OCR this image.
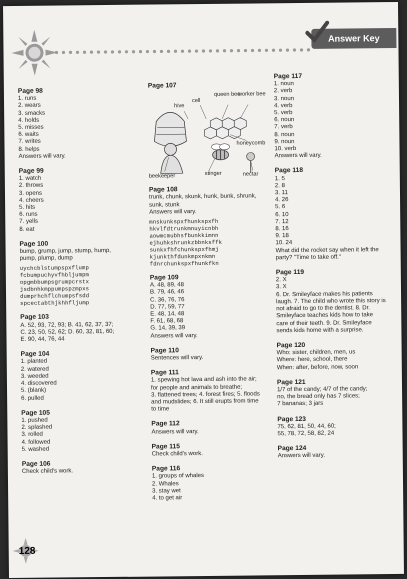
Answer Key
Page 98
1. runs
2. wears
3. smacks
4. holds
5. misses
6. waits
7. writes
8. helps
Answers will vary.
Page 99
1. watch
2. throws
3. opens
4. cheers
5. hits
6. runs
7. yells
8. eat
Page 100
bump, grump, jump, stump, hump,
pump, plump, dump
uychcblstumpspxflump
fcbumpuchyvfhbljumpm
opgmbbumpsgrumpcrstx
jsdbnhkmppumpspzmpxs
dumprhchflchumpsfsdd
spcectabthjkhhfljump
Page 103
A. 52, 93, 72, 93; B. 41, 62, 37, 37;
C. 23, 50, 52, 62; D. 60, 32, 81, 60;
E. 90, 44, 76, 44
Page 104
1. planted
2. watered
3. weeded
4. discovered
5. (blank)
6. pulled
Page 105
1. pushed
2. splashed
3. rolled
4. followed
5. washed
Page 106
Check child's work.
Page 107
hive
cell
queen bee
worker bee
honeycomb
beekeeper	stinger	nectar
Page 108
trunk, chunk, skunk, hunk, bunk, shrunk,
sunk, stunk
Answers will vary.
mnskunkspxfhunkspxfh
hkvlfdtrunkmnuyicnbh
aowmcmubhsfbunkkimnn
ejhuhkshrunkzbbnksffk
sunkxfhfchunkspxfhmj
kjunkthfdunkmpxnkmn
fdnrchunkspxfhunkfkn
Page 109
A. 48, 89, 48
B. 79, 46, 46
C. 36, 76, 76
D. 77, 59, 77
E. 48, 14, 48
F. 61, 68, 68
G. 14, 39, 39
Answers will vary.
Page 110
Sentences will vary.
Page 111
1. spewing hot lava and ash into the air;
for people and animals to breathe;
3. flattened trees; 4. forest fires; 5. floods
and mudslides; 6. It still erupts from time
to time
Page 112
Answers will vary.
Page 115
Check child's work.
Page 116
1. groups of whales
2. Whales
3. stay wet
4. to get air
Page 117
1. noun
2. verb
3. noun
4. verb
5. verb
6. noun
7. verb
8. noun
9. noun
10. verb
Answers will vary.
Page 118
1. 5
2. 8
3. 11
4. 26
5. 6
6. 10
7. 12
8. 16
9. 18
10. 24
What did the rocket say when it left the
party? "Time to take off."
Page 119
2. X
3. X
6. Dr. Smileyface makes his patients
laugh. 7. The child who wrote this story is
not afraid to go to the dentist. 8. Dr.
Smileyface teaches kids how to take
care of their teeth. 9. Dr. Smileyface
sends kids home with a surprise.
Page 120
Who: sister, children, men, us
Where: here, school, there
When: after, before, now, soon
Page 121
1/7 of the candy; 4/7 of the candy;
no, the bread only has 7 slices;
7 bananas; 3 jars
Page 123
75, 62, 81, 50, 44, 60;
55, 78, 72, 58, 82, 24
Page 124
Answers will vary.
128
